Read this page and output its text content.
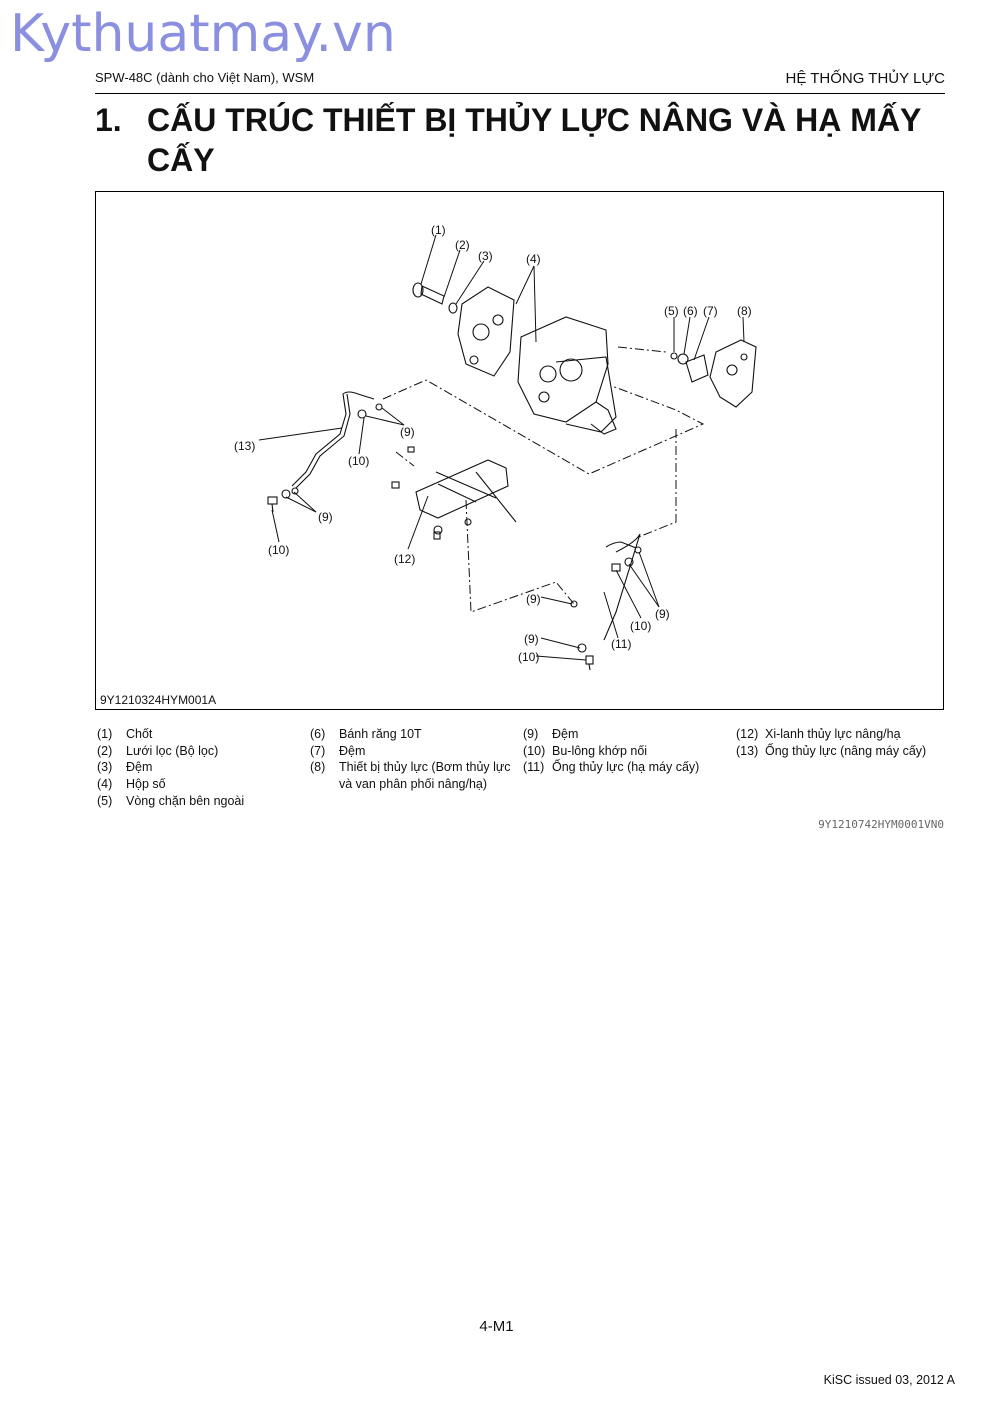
Kythuatmay.vn
SPW-48C (dành cho Việt Nam), WSM	HỆ THỐNG THỦY LỰC
1. CẤU TRÚC THIẾT BỊ THỦY LỰC NÂNG VÀ HẠ MẤY CẤY
(1)
(2)
(3)	(4)
(5) (6) (7) (8)
(13)
(9)
(10)
(9)
(10)
(12)
(9)
(9)
(10)
(11)
(10)
(9)
9Y1210324HYM001A
(1)	Chốt
(2)	Lưới lọc (Bộ lọc)
(3)	Đệm
(4)	Hộp số
(5)	Vòng chặn bên ngoài
(6)	Bánh răng 10T
(7)	Đệm
(8)	Thiết bị thủy lực (Bơm thủy lực và van phân phối nâng/hạ)
(9)	Đệm
(10) Bu-lông khớp nối
(11) Ống thủy lực (hạ máy cấy)
(12) Xi-lanh thủy lực nâng/hạ
(13) Ống thủy lực (nâng máy cấy)
9Y1210742HYM0001VN0
4-M1
KiSC issued 03, 2012 A
